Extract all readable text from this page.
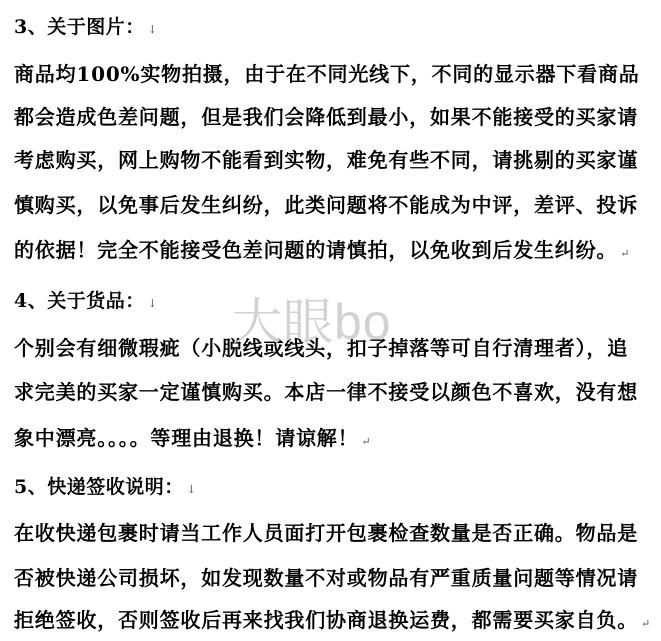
3、关于图片： ↓
商品均100%实物拍摄，由于在不同光线下，不同的显示器下看商品
都会造成色差问题，但是我们会降低到最小，如果不能接受的买家请
考虑购买，网上购物不能看到实物，难免有些不同，请挑剔的买家谨
慎购买，以免事后发生纠纷，此类问题将不能成为中评，差评、投诉
的依据！完全不能接受色差问题的请慎拍，以免收到后发生纠纷。 ↵
4、关于货品： ↓
个别会有细微瑕疵（小脱线或线头，扣子掉落等可自行清理者），追
求完美的买家一定谨慎购买。本店一律不接受以颜色不喜欢，没有想
象中漂亮。。。。等理由退换！请谅解！ ↵
5、快递签收说明： ↓
在收快递包裹时请当工作人员面打开包裹检查数量是否正确。物品是
否被快递公司损坏，如发现数量不对或物品有严重质量问题等情况请
拒绝签收，否则签收后再来找我们协商退换运费，都需要买家自负。 ↵
大眼bo
